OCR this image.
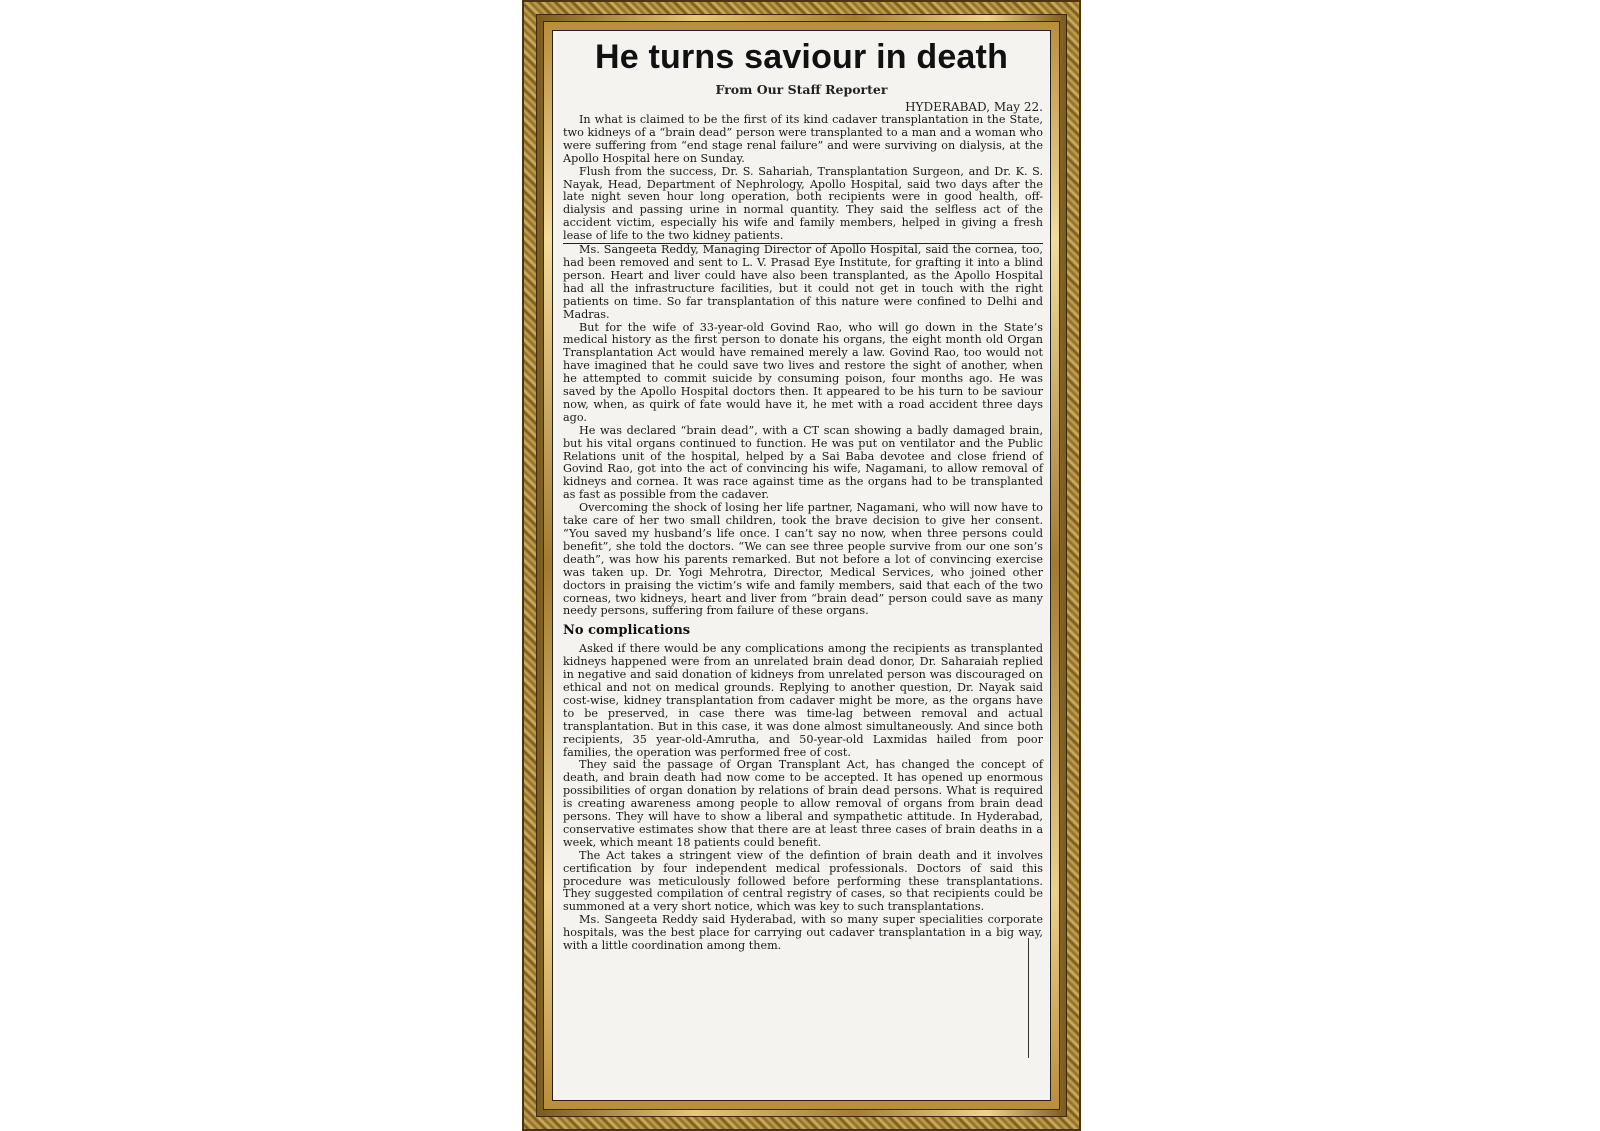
He turns saviour in death
From Our Staff Reporter
HYDERABAD, May 22.

In what is claimed to be the first of its kind cadaver transplantation in the State, two kidneys of a “brain dead” person were transplanted to a man and a woman who were suffering from “end stage renal failure” and were surviving on dialysis, at the Apollo Hospital here on Sunday.

Flush from the success, Dr. S. Sahariah, Transplantation Surgeon, and Dr. K. S. Nayak, Head, Department of Nephrology, Apollo Hospital, said two days after the late night seven hour long operation, both recipients were in good health, off-dialysis and passing urine in normal quantity. They said the selfless act of the accident victim, especially his wife and family members, helped in giving a fresh lease of life to the two kidney patients.

Ms. Sangeeta Reddy, Managing Director of Apollo Hospital, said the cornea, too, had been removed and sent to L. V. Prasad Eye Institute, for grafting it into a blind person. Heart and liver could have also been transplanted, as the Apollo Hospital had all the infrastructure facilities, but it could not get in touch with the right patients on time. So far transplantation of this nature were confined to Delhi and Madras.

But for the wife of 33-year-old Govind Rao, who will go down in the State’s medical history as the first person to donate his organs, the eight month old Organ Transplantation Act would have remained merely a law. Govind Rao, too would not have imagined that he could save two lives and restore the sight of another, when he attempted to commit suicide by consuming poison, four months ago. He was saved by the Apollo Hospital doctors then. It appeared to be his turn to be saviour now, when, as quirk of fate would have it, he met with a road accident three days ago.

He was declared “brain dead”, with a CT scan showing a badly damaged brain, but his vital organs continued to function. He was put on ventilator and the Public Relations unit of the hospital, helped by a Sai Baba devotee and close friend of Govind Rao, got into the act of convincing his wife, Nagamani, to allow removal of kidneys and cornea. It was race against time as the organs had to be transplanted as fast as possible from the cadaver.

Overcoming the shock of losing her life partner, Nagamani, who will now have to take care of her two small children, took the brave decision to give her consent. “You saved my husband’s life once. I can’t say no now, when three persons could benefit”, she told the doctors. “We can see three people survive from our one son’s death”, was how his parents remarked. But not before a lot of convincing exercise was taken up. Dr. Yogi Mehrotra, Director, Medical Services, who joined other doctors in praising the victim’s wife and family members, said that each of the two corneas, two kidneys, heart and liver from “brain dead” person could save as many needy persons, suffering from failure of these organs.

No complications

Asked if there would be any complications among the recipients as transplanted kidneys happened were from an unrelated brain dead donor, Dr. Saharaiah replied in negative and said donation of kidneys from unrelated person was discouraged on ethical and not on medical grounds. Replying to another question, Dr. Nayak said cost-wise, kidney transplantation from cadaver might be more, as the organs have to be preserved, in case there was time-lag between removal and actual transplantation. But in this case, it was done almost simultaneously. And since both recipients, 35 year-old-Amrutha, and 50-year-old Laxmidas hailed from poor families, the operation was performed free of cost.

They said the passage of Organ Transplant Act, has changed the concept of death, and brain death had now come to be accepted. It has opened up enormous possibilities of organ donation by relations of brain dead persons. What is required is creating awareness among people to allow removal of organs from brain dead persons. They will have to show a liberal and sympathetic attitude. In Hyderabad, conservative estimates show that there are at least three cases of brain deaths in a week, which meant 18 patients could benefit.

The Act takes a stringent view of the defintion of brain death and it involves certification by four independent medical professionals. Doctors of said this procedure was meticulously followed before performing these transplantations. They suggested compilation of central registry of cases, so that recipients could be summoned at a very short notice, which was key to such transplantations.

Ms. Sangeeta Reddy said Hyderabad, with so many super specialities corporate hospitals, was the best place for carrying out cadaver transplantation in a big way, with a little coordination among them.
